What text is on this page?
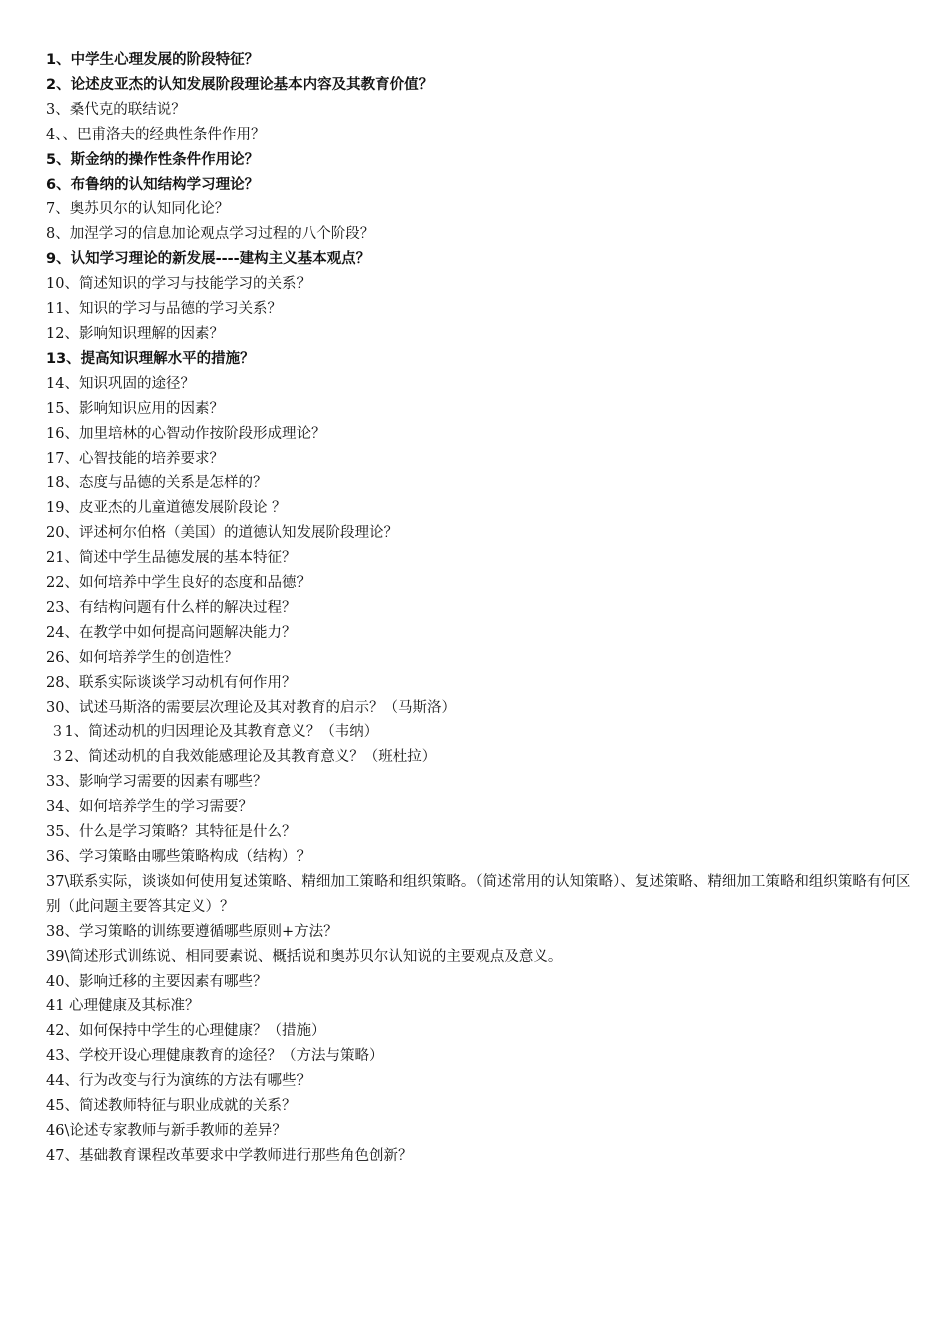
1、中学生心理发展的阶段特征？
2、论述皮亚杰的认知发展阶段理论基本内容及其教育价值？
3、桑代克的联结说？
4、、巴甫洛夫的经典性条件作用？
5、斯金纳的操作性条件作用论？
6、布鲁纳的认知结构学习理论？
7、奥苏贝尔的认知同化论？
8、加涅学习的信息加论观点学习过程的八个阶段？
9、认知学习理论的新发展----建构主义基本观点？
10、简述知识的学习与技能学习的关系？
11、知识的学习与品德的学习关系？
12、影响知识理解的因素？
13、提高知识理解水平的措施？
14、知识巩固的途径？
15、影响知识应用的因素？
16、加里培林的心智动作按阶段形成理论？
17、心智技能的培养要求？
18、态度与品德的关系是怎样的？
19、皮亚杰的儿童道德发展阶段论 ？
20、评述柯尔伯格（美国）的道德认知发展阶段理论？
21、简述中学生品德发展的基本特征？
22、如何培养中学生良好的态度和品德？
23、有结构问题有什么样的解决过程？
24、在教学中如何提高问题解决能力？
26、如何培养学生的创造性？
28、联系实际谈谈学习动机有何作用？
30、试述马斯洛的需要层次理论及其对教育的启示？（马斯洛）
３1、简述动机的归因理论及其教育意义？（韦纳）
３2、简述动机的自我效能感理论及其教育意义？（班杜拉）
33、影响学习需要的因素有哪些？
34、如何培养学生的学习需要？
35、什么是学习策略？其特征是什么？
36、学习策略由哪些策略构成（结构）？
37\联系实际，谈谈如何使用复述策略、精细加工策略和组织策略。（简述常用的认知策略）、复述策略、精细加工策略和组织策略有何区别（此问题主要答其定义）？
38、学习策略的训练要遵循哪些原则+方法？
39\简述形式训练说、相同要素说、概括说和奥苏贝尔认知说的主要观点及意义。
40、影响迁移的主要因素有哪些？
41 心理健康及其标准？
42、如何保持中学生的心理健康？（措施）
43、学校开设心理健康教育的途径？（方法与策略）
44、行为改变与行为演练的方法有哪些？
45、简述教师特征与职业成就的关系？
46\论述专家教师与新手教师的差异？
47、基础教育课程改革要求中学教师进行那些角色创新？
